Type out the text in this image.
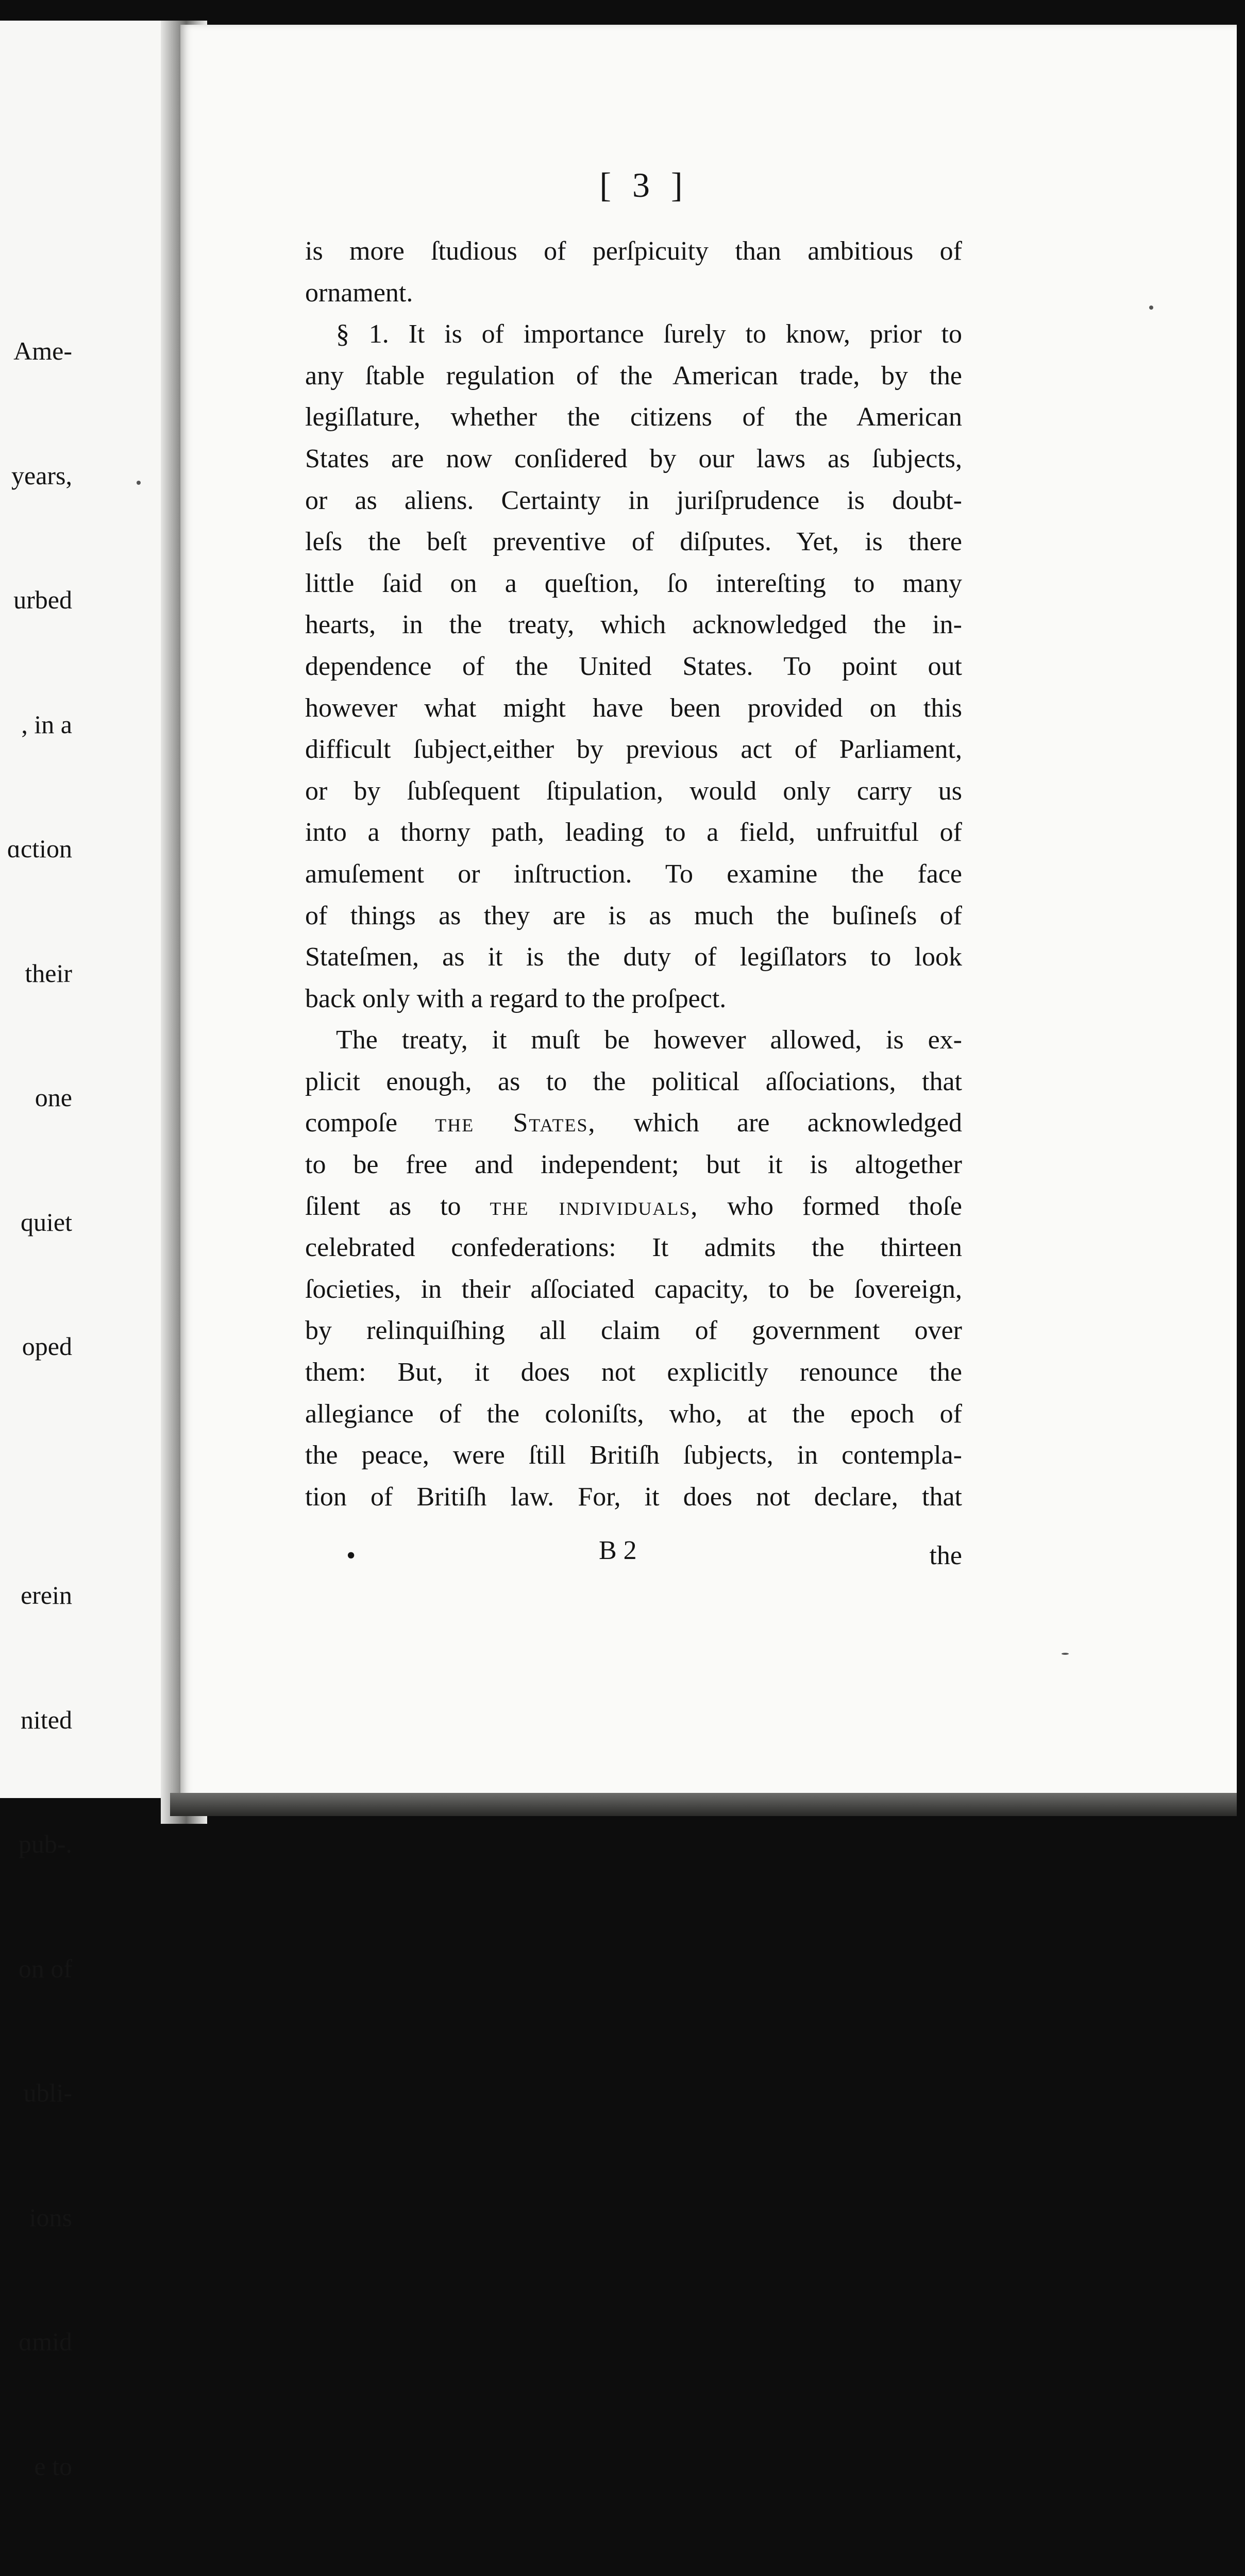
Ame-

years,

urbed

, in a

ɑction

their

one

quiet

oped

erein

nited

pub-.

on of

ubli-

ions

ɑmid

e to

[ 3 ]
is more ſtudious of perſpicuity than ambitious of
ornament.
§ 1. It is of importance ſurely to know, prior to
any ſtable regulation of the American trade, by the
legiſlature, whether the citizens of the American
States are now conſidered by our laws as ſubjects,
or as aliens. Certainty in juriſprudence is doubt-
leſs the beſt preventive of diſputes. Yet, is there
little ſaid on a queſtion, ſo intereſting to many
hearts, in the treaty, which acknowledged the in-
dependence of the United States. To point out
however what might have been provided on this
difficult ſubject,either by previous act of Parliament,
or by ſubſequent ſtipulation, would only carry us
into a thorny path, leading to a field, unfruitful of
amuſement or inſtruction. To examine the face
of things as they are is as much the buſineſs of
Stateſmen, as it is the duty of legiſlators to look
back only with a regard to the proſpect.
The treaty, it muſt be however allowed, is ex-
plicit enough, as to the political aſſociations, that
compoſe the States, which are acknowledged
to be free and independent; but it is altogether
ſilent as to the individuals, who formed thoſe
celebrated confederations: It admits the thirteen
ſocieties, in their aſſociated capacity, to be ſovereign,
by relinquiſhing all claim of government over
them: But, it does not explicitly renounce the
allegiance of the coloniſts, who, at the epoch of
the peace, were ſtill Britiſh ſubjects, in contempla-
tion of Britiſh law. For, it does not declare, that
•	B 2	the
